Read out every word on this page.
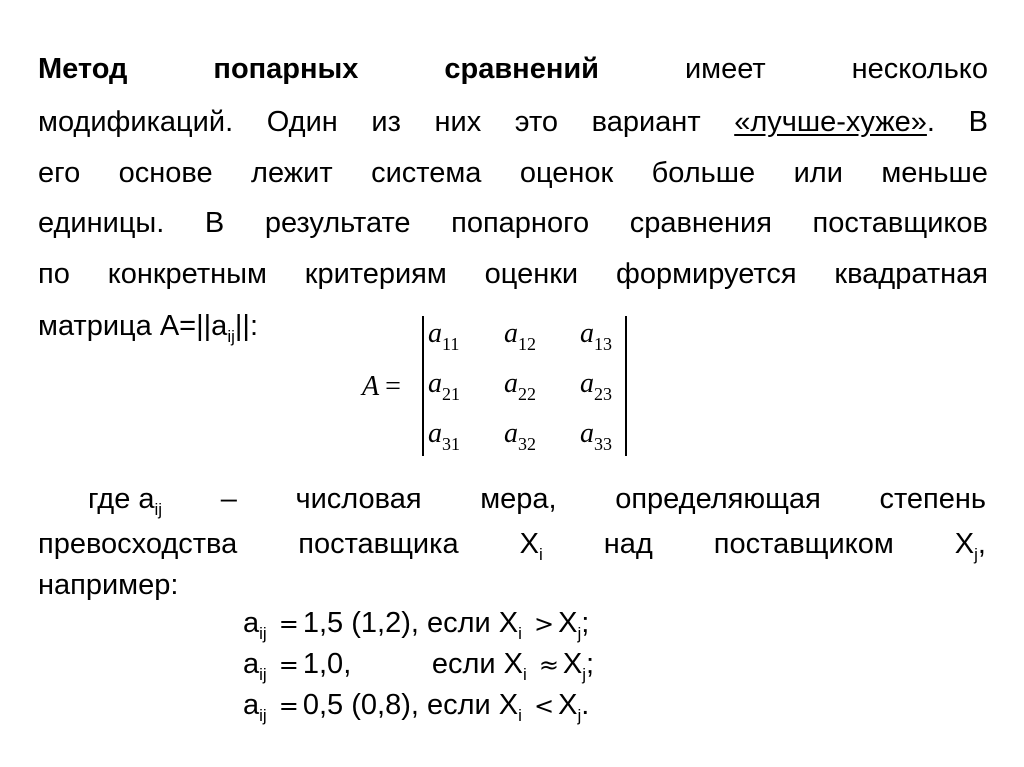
Метод	попарных	сравнений	имеет	несколько
модификаций. Один из них это вариант «лучше-хуже». В
его основе лежит система оценок больше или меньше
единицы. В результате попарного сравнения поставщиков
по конкретным критериям оценки формируется квадратная
матрица $A=||a_{ij}||$:
A =
$a_{11}$ $a_{12}$ $a_{13}$
$a_{21}$ $a_{22}$ $a_{23}$
$a_{31}$ $a_{32}$ $a_{33}$
где $a_{ij}$ – числовая мера, определяющая степень
превосходства поставщика $X_i$ над поставщиком $X_j$,
например:
$a_{ij} = 1,5$ (1,2), если $X_i > X_j$;
$a_{ij} = 1,0$,          если $X_i \approx X_j$;
$a_{ij} = 0,5$ (0,8), если $X_i < X_j$.
